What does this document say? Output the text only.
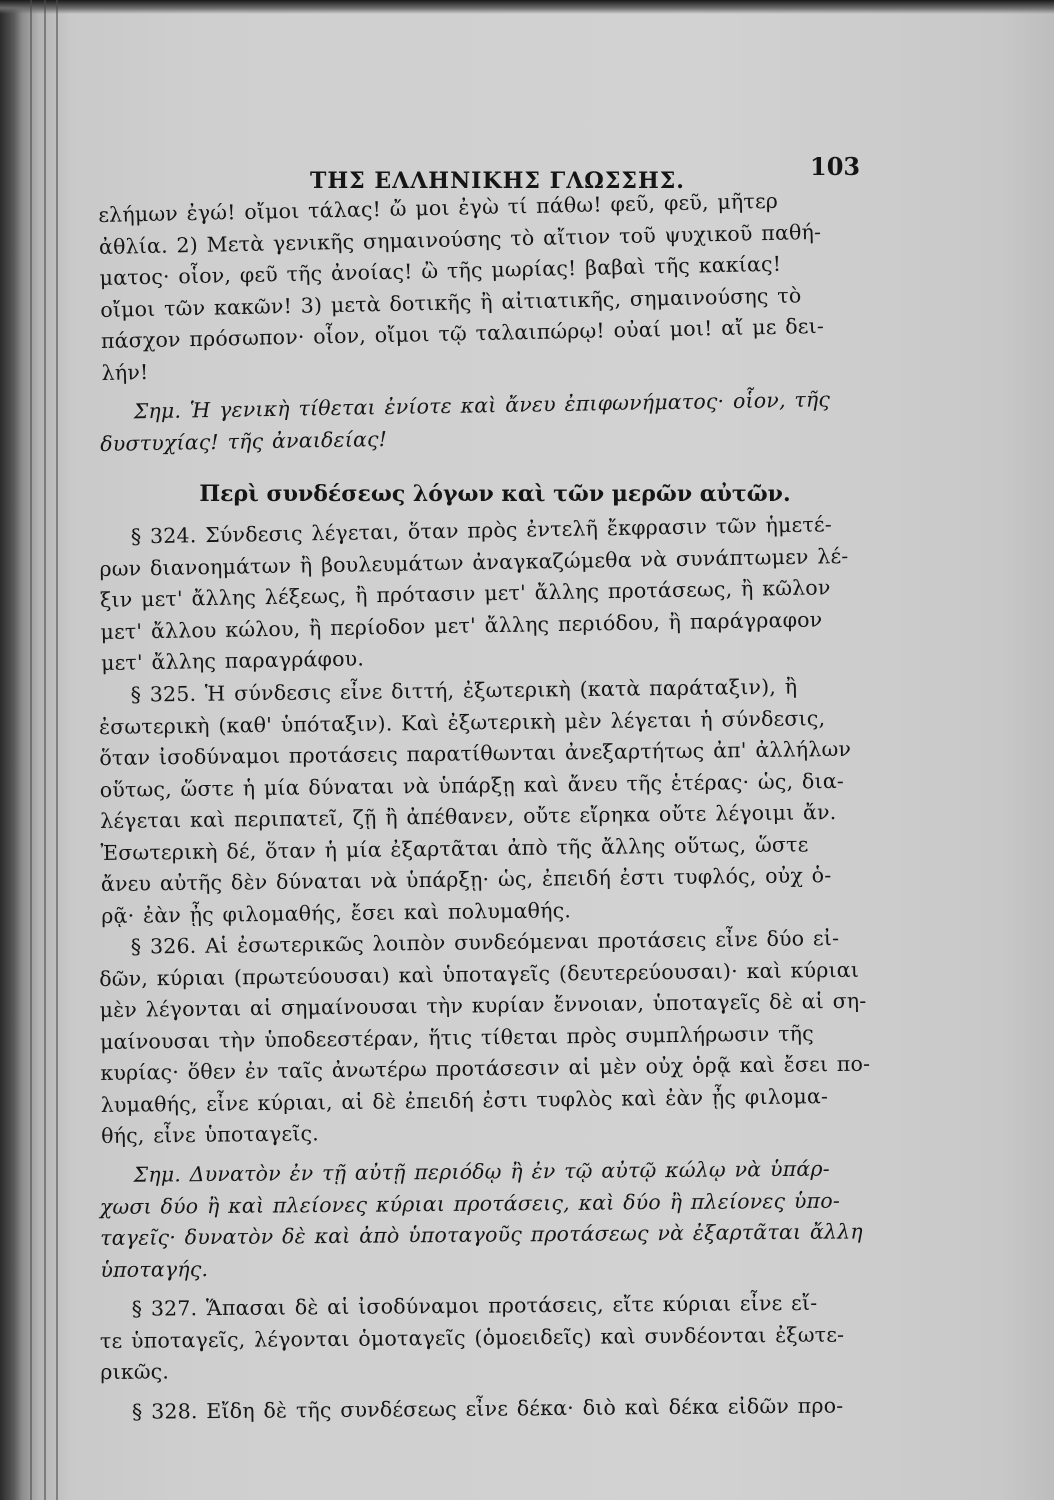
ΤΗΣ ΕΛΛΗΝΙΚΗΣ ΓΛΩΣΣΗΣ.	103
ελήμων ἐγώ! οἴμοι τάλας! ὤ μοι ἐγὼ τί πάθω! φεῦ, φεῦ, μῆτερ
ἀθλία. 2) Μετὰ γενικῆς σημαινούσης τὸ αἴτιον τοῦ ψυχικοῦ παθή-
ματος· οἷον, φεῦ τῆς ἀνοίας! ὢ τῆς μωρίας! βαβαὶ τῆς κακίας!
οἴμοι τῶν κακῶν! 3) μετὰ δοτικῆς ἢ αἰτιατικῆς, σημαινούσης τὸ
πάσχον πρόσωπον· οἷον, οἴμοι τῷ ταλαιπώρῳ! οὐαί μοι! αἴ με δει-
λήν!
Σημ. Ἡ γενικὴ τίθεται ἐνίοτε καὶ ἄνευ ἐπιφωνήματος· οἷον, τῆς
δυστυχίας! τῆς ἀναιδείας!
Περὶ συνδέσεως λόγων καὶ τῶν μερῶν αὐτῶν.
§ 324. Σύνδεσις λέγεται, ὅταν πρὸς ἐντελῆ ἔκφρασιν τῶν ἡμετέ-
ρων διανοημάτων ἢ βουλευμάτων ἀναγκαζώμεθα νὰ συνάπτωμεν λέ-
ξιν μετ' ἄλλης λέξεως, ἢ πρότασιν μετ' ἄλλης προτάσεως, ἢ κῶλον
μετ' ἄλλου κώλου, ἢ περίοδον μετ' ἄλλης περιόδου, ἢ παράγραφον
μετ' ἄλλης παραγράφου.
§ 325. Ἡ σύνδεσις εἶνε διττή, ἐξωτερικὴ (κατὰ παράταξιν), ἢ
ἐσωτερικὴ (καθ' ὑπόταξιν). Καὶ ἐξωτερικὴ μὲν λέγεται ἡ σύνδεσις,
ὅταν ἰσοδύναμοι προτάσεις παρατίθωνται ἀνεξαρτήτως ἀπ' ἀλλήλων
οὕτως, ὥστε ἡ μία δύναται νὰ ὑπάρξῃ καὶ ἄνευ τῆς ἑτέρας· ὡς, δια-
λέγεται καὶ περιπατεῖ, ζῇ ἢ ἀπέθανεν, οὔτε εἴρηκα οὔτε λέγοιμι ἄν.
Ἐσωτερικὴ δέ, ὅταν ἡ μία ἐξαρτᾶται ἀπὸ τῆς ἄλλης οὕτως, ὥστε
ἄνευ αὐτῆς δὲν δύναται νὰ ὑπάρξῃ· ὡς, ἐπειδή ἐστι τυφλός, οὐχ ὁ-
ρᾷ· ἐὰν ᾖς φιλομαθής, ἔσει καὶ πολυμαθής.
§ 326. Αἱ ἐσωτερικῶς λοιπὸν συνδεόμεναι προτάσεις εἶνε δύο εἰ-
δῶν, κύριαι (πρωτεύουσαι) καὶ ὑποταγεῖς (δευτερεύουσαι)· καὶ κύριαι
μὲν λέγονται αἱ σημαίνουσαι τὴν κυρίαν ἔννοιαν, ὑποταγεῖς δὲ αἱ ση-
μαίνουσαι τὴν ὑποδεεστέραν, ἥτις τίθεται πρὸς συμπλήρωσιν τῆς
κυρίας· ὅθεν ἐν ταῖς ἀνωτέρω προτάσεσιν αἱ μὲν οὐχ ὁρᾷ καὶ ἔσει πο-
λυμαθής, εἶνε κύριαι, αἱ δὲ ἐπειδή ἐστι τυφλὸς καὶ ἐὰν ᾖς φιλομα-
θής, εἶνε ὑποταγεῖς.
Σημ. Δυνατὸν ἐν τῇ αὐτῇ περιόδῳ ἢ ἐν τῷ αὐτῷ κώλῳ νὰ ὑπάρ-
χωσι δύο ἢ καὶ πλείονες κύριαι προτάσεις, καὶ δύο ἢ πλείονες ὑπο-
ταγεῖς· δυνατὸν δὲ καὶ ἀπὸ ὑποταγοῦς προτάσεως νὰ ἐξαρτᾶται ἄλλη
ὑποταγής.
§ 327. Ἅπασαι δὲ αἱ ἰσοδύναμοι προτάσεις, εἴτε κύριαι εἶνε εἴ-
τε ὑποταγεῖς, λέγονται ὁμοταγεῖς (ὁμοειδεῖς) καὶ συνδέονται ἐξωτε-
ρικῶς.
§ 328. Εἴδη δὲ τῆς συνδέσεως εἶνε δέκα· διὸ καὶ δέκα εἰδῶν προ-
